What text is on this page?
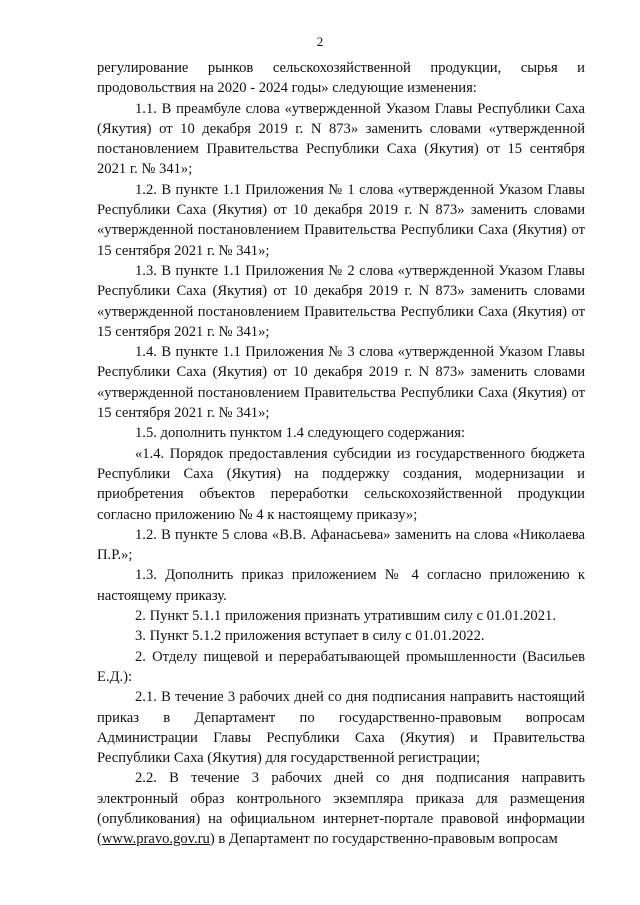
2

регулирование рынков сельскохозяйственной продукции, сырья и продовольствия на 2020 - 2024 годы» следующие изменения:

1.1. В преамбуле слова «утвержденной Указом Главы Республики Саха (Якутия) от 10 декабря 2019 г. N 873» заменить словами «утвержденной постановлением Правительства Республики Саха (Якутия) от 15 сентября 2021 г. № 341»;

1.2. В пункте 1.1 Приложения № 1 слова «утвержденной Указом Главы Республики Саха (Якутия) от 10 декабря 2019 г. N 873» заменить словами «утвержденной постановлением Правительства Республики Саха (Якутия) от 15 сентября 2021 г. № 341»;

1.3. В пункте 1.1 Приложения № 2 слова «утвержденной Указом Главы Республики Саха (Якутия) от 10 декабря 2019 г. N 873» заменить словами «утвержденной постановлением Правительства Республики Саха (Якутия) от 15 сентября 2021 г. № 341»;

1.4. В пункте 1.1 Приложения № 3 слова «утвержденной Указом Главы Республики Саха (Якутия) от 10 декабря 2019 г. N 873» заменить словами «утвержденной постановлением Правительства Республики Саха (Якутия) от 15 сентября 2021 г. № 341»;

1.5. дополнить пунктом 1.4 следующего содержания:

«1.4. Порядок предоставления субсидии из государственного бюджета Республики Саха (Якутия) на поддержку создания, модернизации и приобретения объектов переработки сельскохозяйственной продукции согласно приложению № 4 к настоящему приказу»;

1.2. В пункте 5 слова «В.В. Афанасьева» заменить на слова «Николаева П.Р.»;

1.3. Дополнить приказ приложением № 4 согласно приложению к настоящему приказу.

2. Пункт 5.1.1 приложения признать утратившим силу с 01.01.2021.

3. Пункт 5.1.2 приложения вступает в силу с 01.01.2022.

2. Отделу пищевой и перерабатывающей промышленности (Васильев Е.Д.):

2.1. В течение 3 рабочих дней со дня подписания направить настоящий приказ в Департамент по государственно-правовым вопросам Администрации Главы Республики Саха (Якутия) и Правительства Республики Саха (Якутия) для государственной регистрации;

2.2. В течение 3 рабочих дней со дня подписания направить электронный образ контрольного экземпляра приказа для размещения (опубликования) на официальном интернет-портале правовой информации (www.pravo.gov.ru) в Департамент по государственно-правовым вопросам
